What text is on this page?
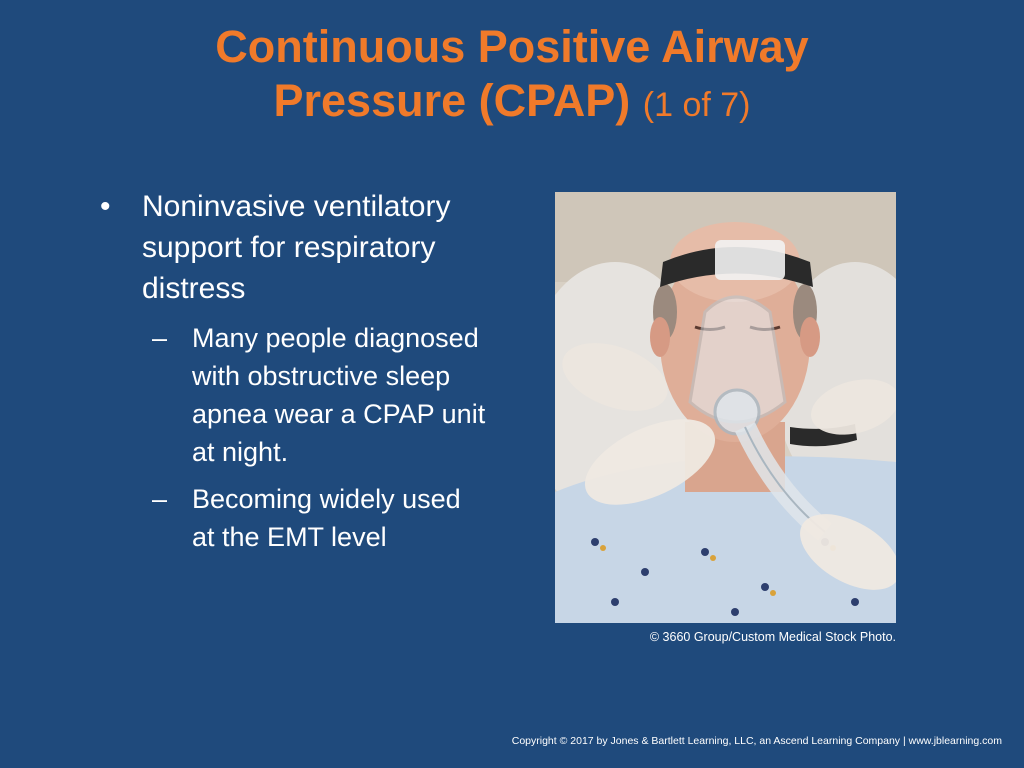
Continuous Positive Airway
Pressure (CPAP) (1 of 7)
•	Noninvasive ventilatory support for respiratory distress
– Many people diagnosed with obstructive sleep apnea wear a CPAP unit at night.
– Becoming widely used at the EMT level
© 3660 Group/Custom Medical Stock Photo.
Copyright © 2017 by Jones & Bartlett Learning, LLC, an Ascend Learning Company | www.jblearning.com
